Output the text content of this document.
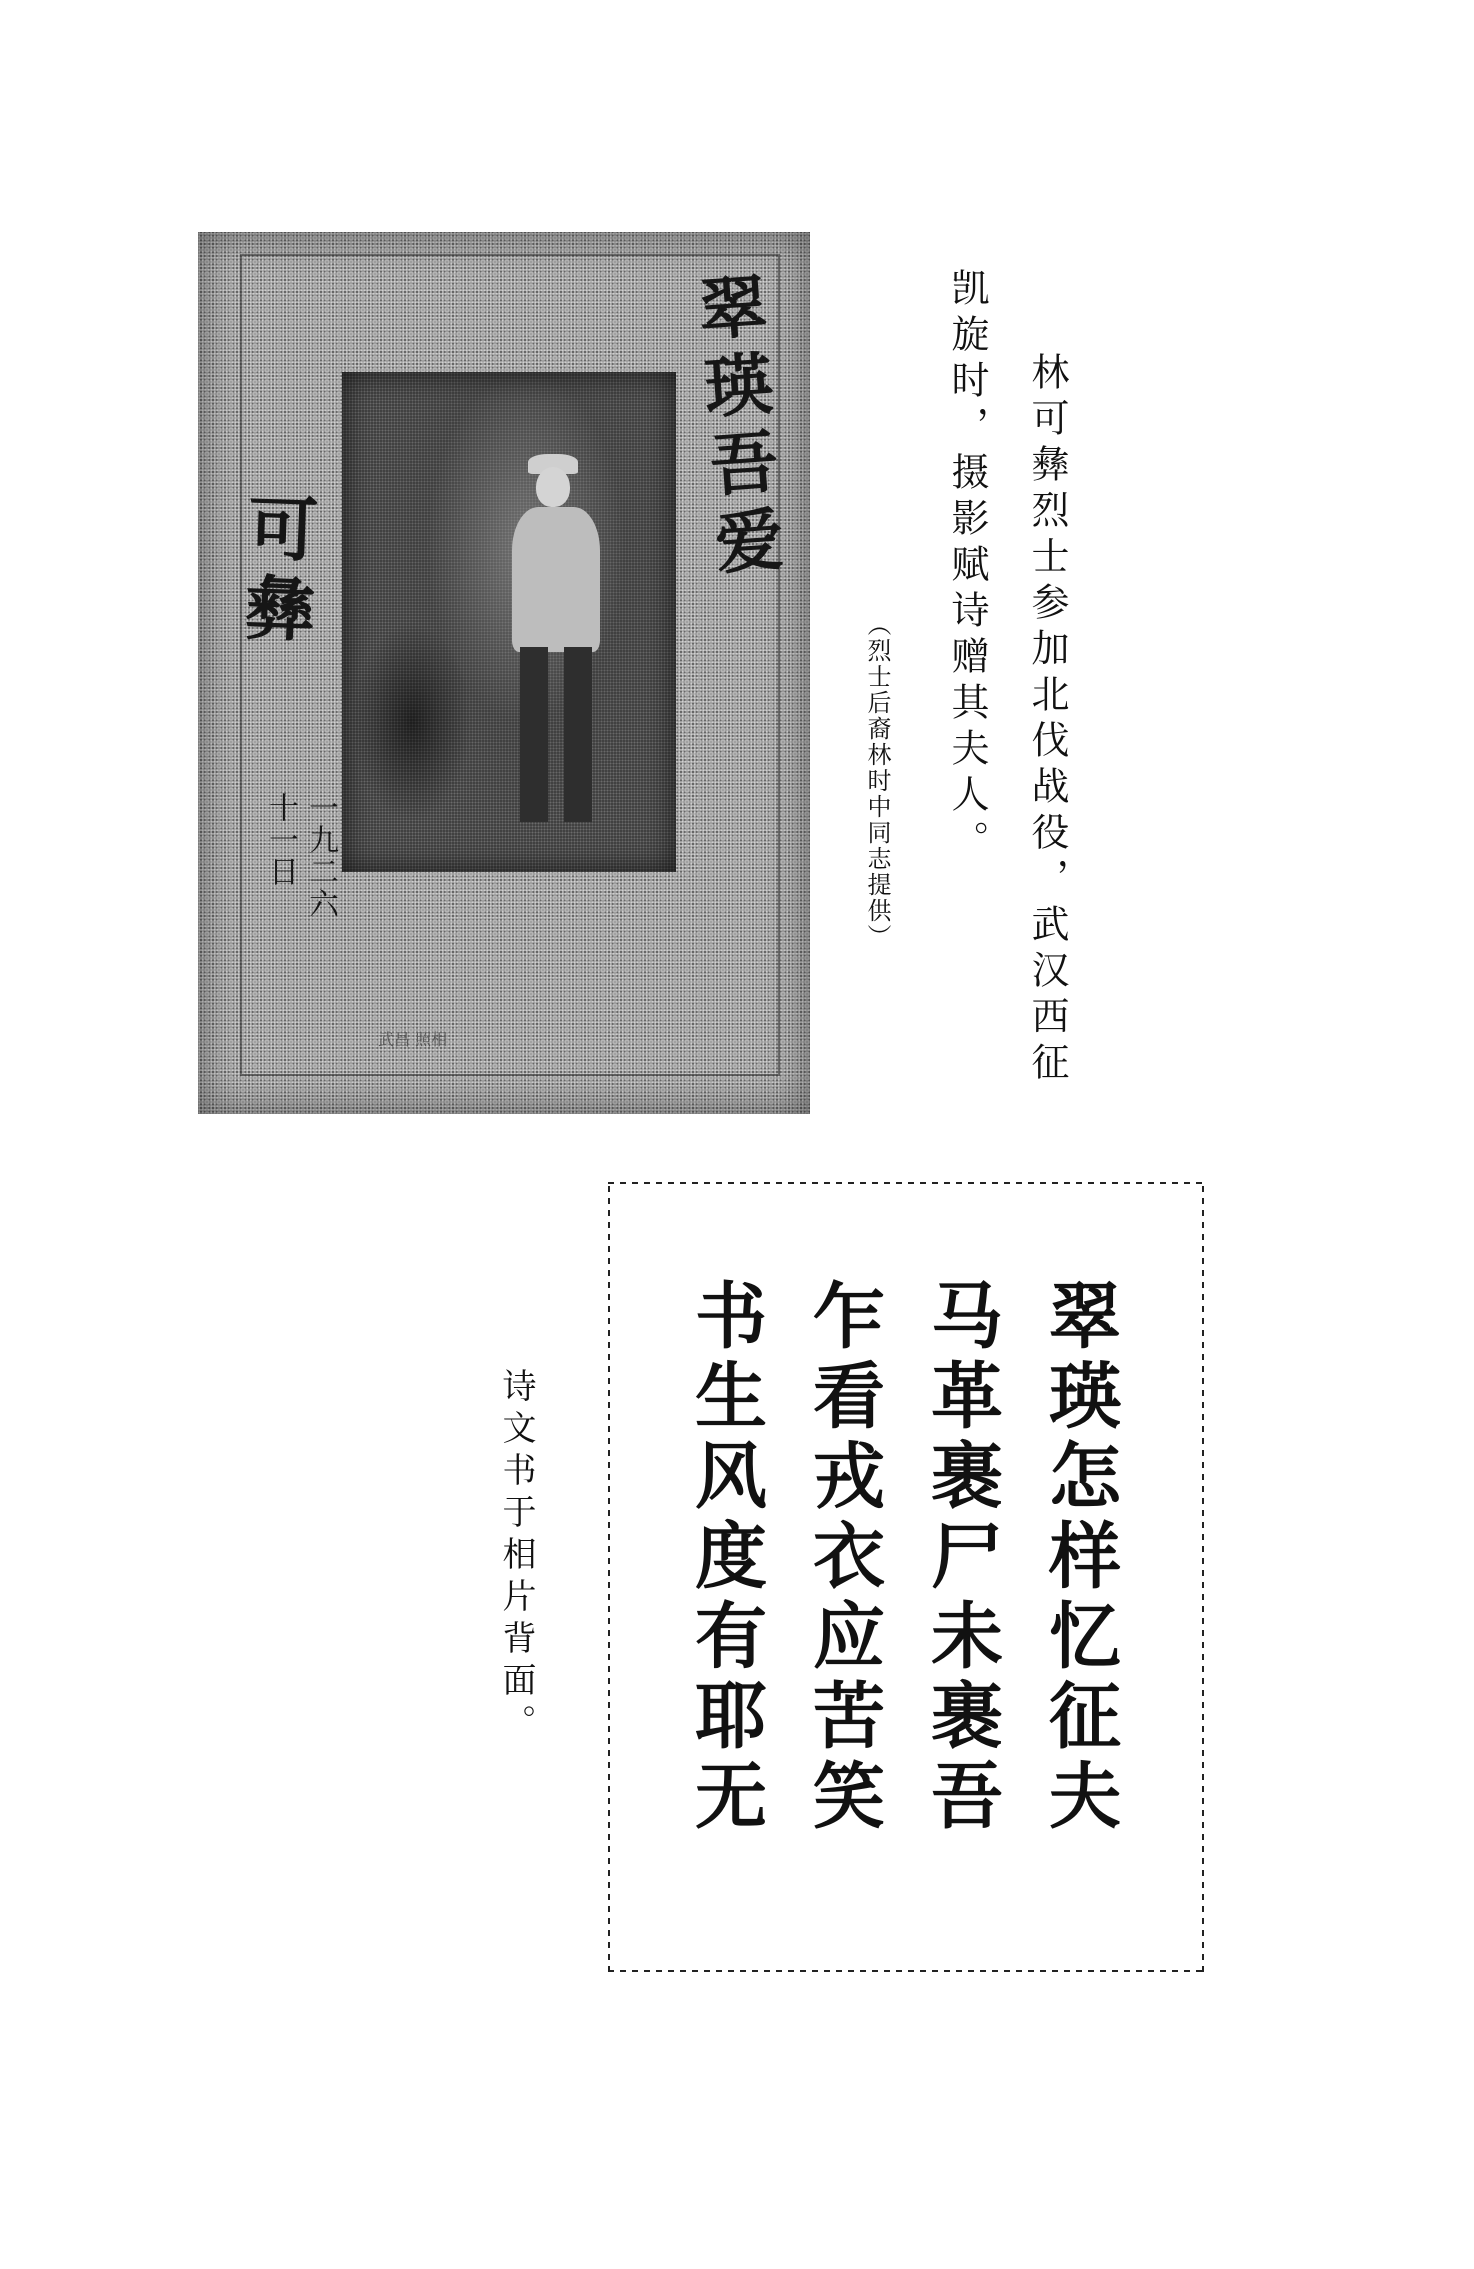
翠瑛吾爱
可彝
一九二六
十一日
武昌 照相	林可彝烈士参加北伐战役，武汉西征
凯旋时，摄影赋诗赠其夫人。
（烈士后裔林时中同志提供）
翠瑛怎样忆征夫
马革裹尸未裹吾
乍看戎衣应苦笑
书生风度有耶无
诗文书于相片背面。
